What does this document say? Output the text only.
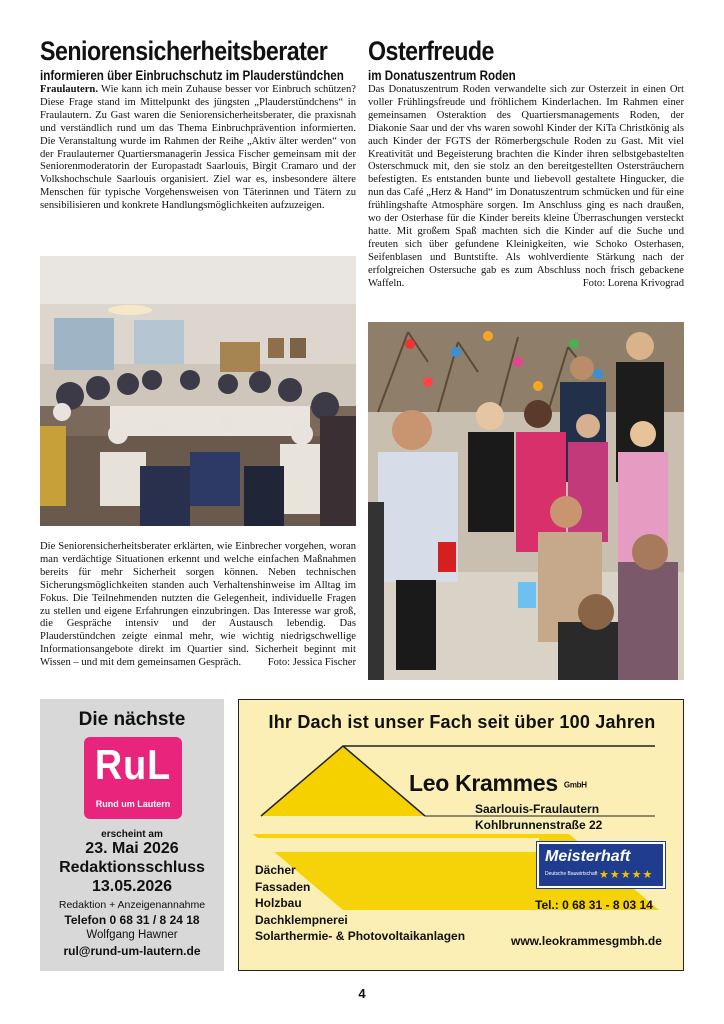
Seniorensicherheitsberater
informieren über Einbruchschutz im Plauderstündchen
Fraulautern. Wie kann ich mein Zuhause besser vor Einbruch schützen? Diese Frage stand im Mittelpunkt des jüngsten „Plauderstündchens“ in Fraulautern. Zu Gast waren die Seniorensicherheitsberater, die praxisnah und verständlich rund um das Thema Einbruchprävention informierten. Die Veranstaltung wurde im Rahmen der Reihe „Aktiv älter werden“ von der Fraulauterner Quartiersmanagerin Jessica Fischer gemeinsam mit der Seniorenmoderatorin der Europastadt Saarlouis, Birgit Cramaro und der Volkshochschule Saarlouis organisiert. Ziel war es, insbesondere ältere Menschen für typische Vorgehensweisen von Täterinnen und Tätern zu sensibilisieren und konkrete Handlungsmöglichkeiten aufzuzeigen.
Die Seniorensicherheitsberater erklärten, wie Einbrecher vorgehen, woran man verdächtige Situationen erkennt und welche einfachen Maßnahmen bereits für mehr Sicherheit sorgen können. Neben technischen Sicherungsmöglichkeiten standen auch Verhaltenshinweise im Alltag im Fokus. Die Teilnehmenden nutzten die Gelegenheit, individuelle Fragen zu stellen und eigene Erfahrungen einzubringen. Das Interesse war groß, die Gespräche intensiv und der Austausch lebendig. Das Plauderstündchen zeigte einmal mehr, wie wichtig niedrigschwellige Informationsangebote direkt im Quartier sind. Sicherheit beginnt mit Wissen – und mit dem gemeinsamen Gespräch.	Foto: Jessica Fischer
Osterfreude
im Donatuszentrum Roden
Das Donatuszentrum Roden verwandelte sich zur Osterzeit in einen Ort voller Frühlingsfreude und fröhlichem Kinderlachen. Im Rahmen einer gemeinsamen Osteraktion des Quartiersmanagements Roden, der Diakonie Saar und der vhs waren sowohl Kinder der KiTa Christkönig als auch Kinder der FGTS der Römerbergschule Roden zu Gast. Mit viel Kreativität und Begeisterung brachten die Kinder ihren selbstgebastelten Osterschmuck mit, den sie stolz an den bereitgestellten Ostersträuchern befestigten. Es entstanden bunte und liebevoll gestaltete Hingucker, die nun das Café „Herz & Hand“ im Donatuszentrum schmücken und für eine frühlingshafte Atmosphäre sorgen. Im Anschluss ging es nach draußen, wo der Osterhase für die Kinder bereits kleine Überraschungen versteckt hatte. Mit großem Spaß machten sich die Kinder auf die Suche und freuten sich über gefundene Kleinigkeiten, wie Schoko Osterhasen, Seifenblasen und Buntstifte. Als wohlverdiente Stärkung nach der erfolgreichen Ostersuche gab es zum Abschluss noch frisch gebackene Waffeln.	Foto: Lorena Krivograd
Die nächste
RuL
Rund um Lautern
erscheint am
23. Mai 2026
Redaktionsschluss
13.05.2026
Redaktion + Anzeigenannahme
Telefon 0 68 31 / 8 24 18
Wolfgang Hawner
rul@rund-um-lautern.de
Ihr Dach ist unser Fach seit über 100 Jahren
Leo Krammes GmbH
Saarlouis-Fraulautern
Kohlbrunnenstraße 22
Meisterhaft
Deutsche Bauwirtschaft ★★★★★
Dächer
Fassaden
Holzbau
Dachklempnerei
Solarthermie- & Photovoltaikanlagen
Tel.: 0 68 31 - 8 03 14
www.leokrammesgmbh.de
4
